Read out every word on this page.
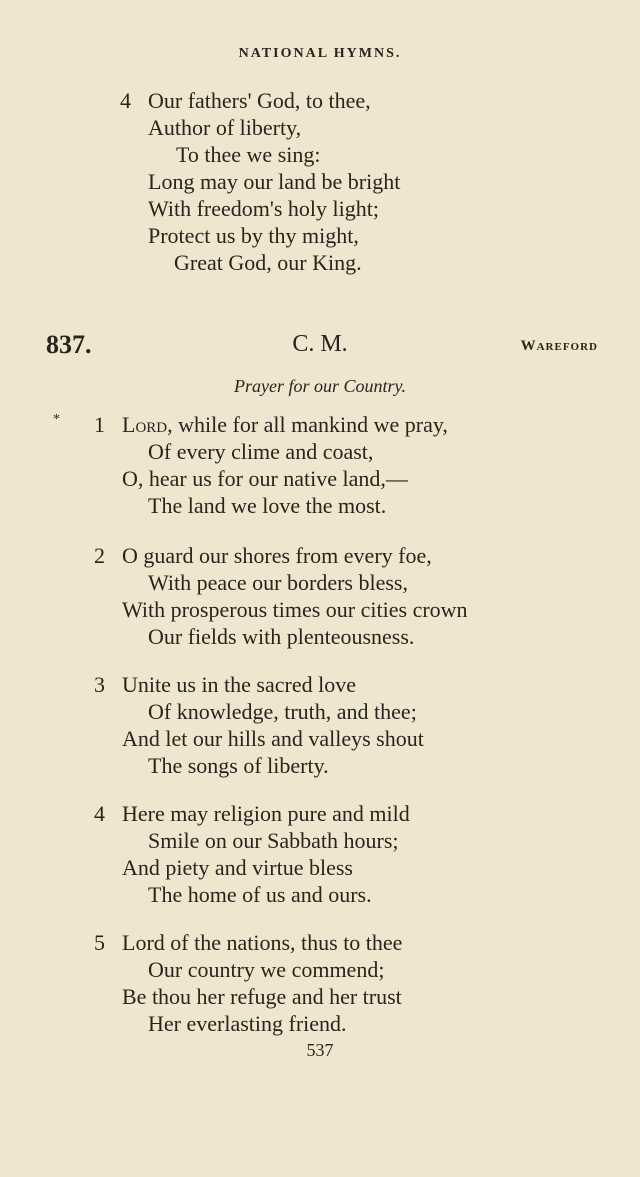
NATIONAL HYMNS.
4 Our fathers' God, to thee,
Author of liberty,
To thee we sing:
Long may our land be bright
With freedom's holy light;
Protect us by thy might,
Great God, our King.
837.	C. M.	Wareford
Prayer for our Country.
* 1 Lord, while for all mankind we pray,
Of every clime and coast,
O, hear us for our native land,—
The land we love the most.
2 O guard our shores from every foe,
With peace our borders bless,
With prosperous times our cities crown
Our fields with plenteousness.
3 Unite us in the sacred love
Of knowledge, truth, and thee;
And let our hills and valleys shout
The songs of liberty.
4 Here may religion pure and mild
Smile on our Sabbath hours;
And piety and virtue bless
The home of us and ours.
5 Lord of the nations, thus to thee
Our country we commend;
Be thou her refuge and her trust
Her everlasting friend.
537
